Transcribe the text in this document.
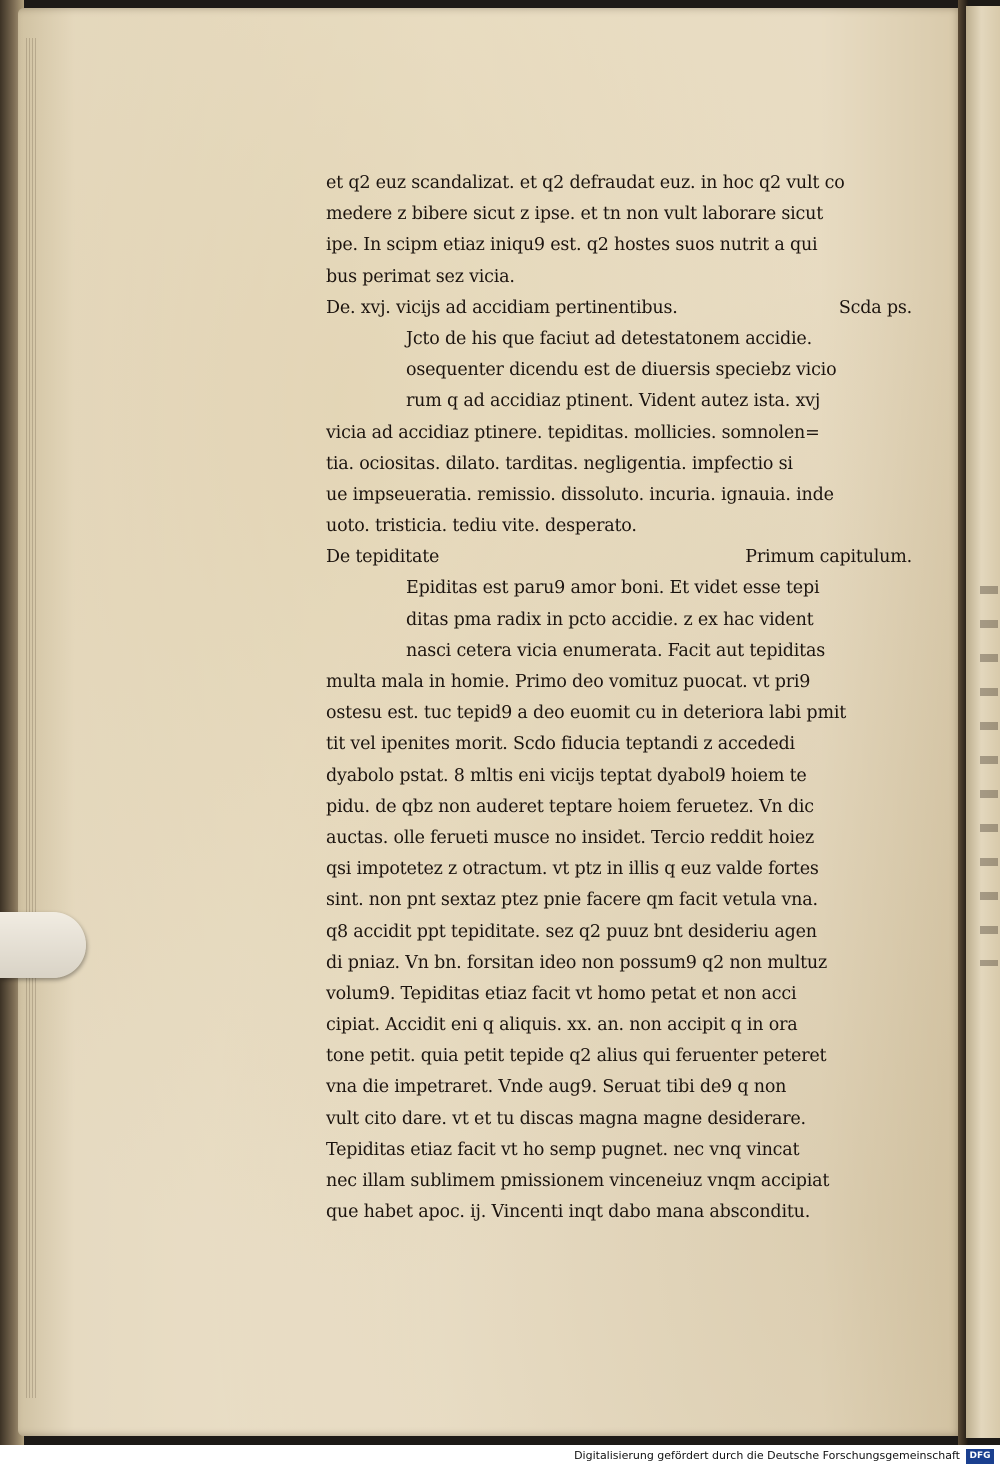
et q2 euz scandalizat. et q2 defraudat euz. in hoc q2 vult co
medere z bibere sicut z ipse. et tn non vult laborare sicut
ipe. In scipm etiaz iniqu9 est. q2 hostes suos nutrit a qui
bus perimat sez vicia.
De. xvj. vicijs ad accidiam pertinentibus.	Scda ps.
Jcto de his que faciut ad detestatonem accidie.
osequenter dicendu est de diuersis speciebz vicio
rum q ad accidiaz ptinent. Vident autez ista. xvj
vicia ad accidiaz ptinere. tepiditas. mollicies. somnolen=
tia. ociositas. dilato. tarditas. negligentia. impfectio si
ue impseueratia. remissio. dissoluto. incuria. ignauia. inde
uoto. tristicia. tediu vite. desperato.
De tepiditate	Primum capitulum.
Epiditas est paru9 amor boni. Et videt esse tepi
ditas pma radix in pcto accidie. z ex hac vident
nasci cetera vicia enumerata. Facit aut tepiditas
multa mala in homie. Primo deo vomituz puocat. vt pri9
ostesu est. tuc tepid9 a deo euomit cu in deteriora labi pmit
tit vel ipenites morit. Scdo fiducia teptandi z accededi
dyabolo pstat. 8 mltis eni vicijs teptat dyabol9 hoiem te
pidu. de qbz non auderet teptare hoiem feruetez. Vn dic
auctas. olle ferueti musce no insidet. Tercio reddit hoiez
qsi impotetez z otractum. vt ptz in illis q euz valde fortes
sint. non pnt sextaz ptez pnie facere qm facit vetula vna.
q8 accidit ppt tepiditate. sez q2 puuz bnt desideriu agen
di pniaz. Vn bn. forsitan ideo non possum9 q2 non multuz
volum9. Tepiditas etiaz facit vt homo petat et non acci
cipiat. Accidit eni q aliquis. xx. an. non accipit q in ora
tone petit. quia petit tepide q2 alius qui feruenter peteret
vna die impetraret. Vnde aug9. Seruat tibi de9 q non
vult cito dare. vt et tu discas magna magne desiderare.
Tepiditas etiaz facit vt ho semp pugnet. nec vnq vincat
nec illam sublimem pmissionem vinceneiuz vnqm accipiat
que habet apoc. ij. Vincenti inqt dabo mana absconditu.
Digitalisierung gefördert durch die Deutsche Forschungsgemeinschaft	DFG
